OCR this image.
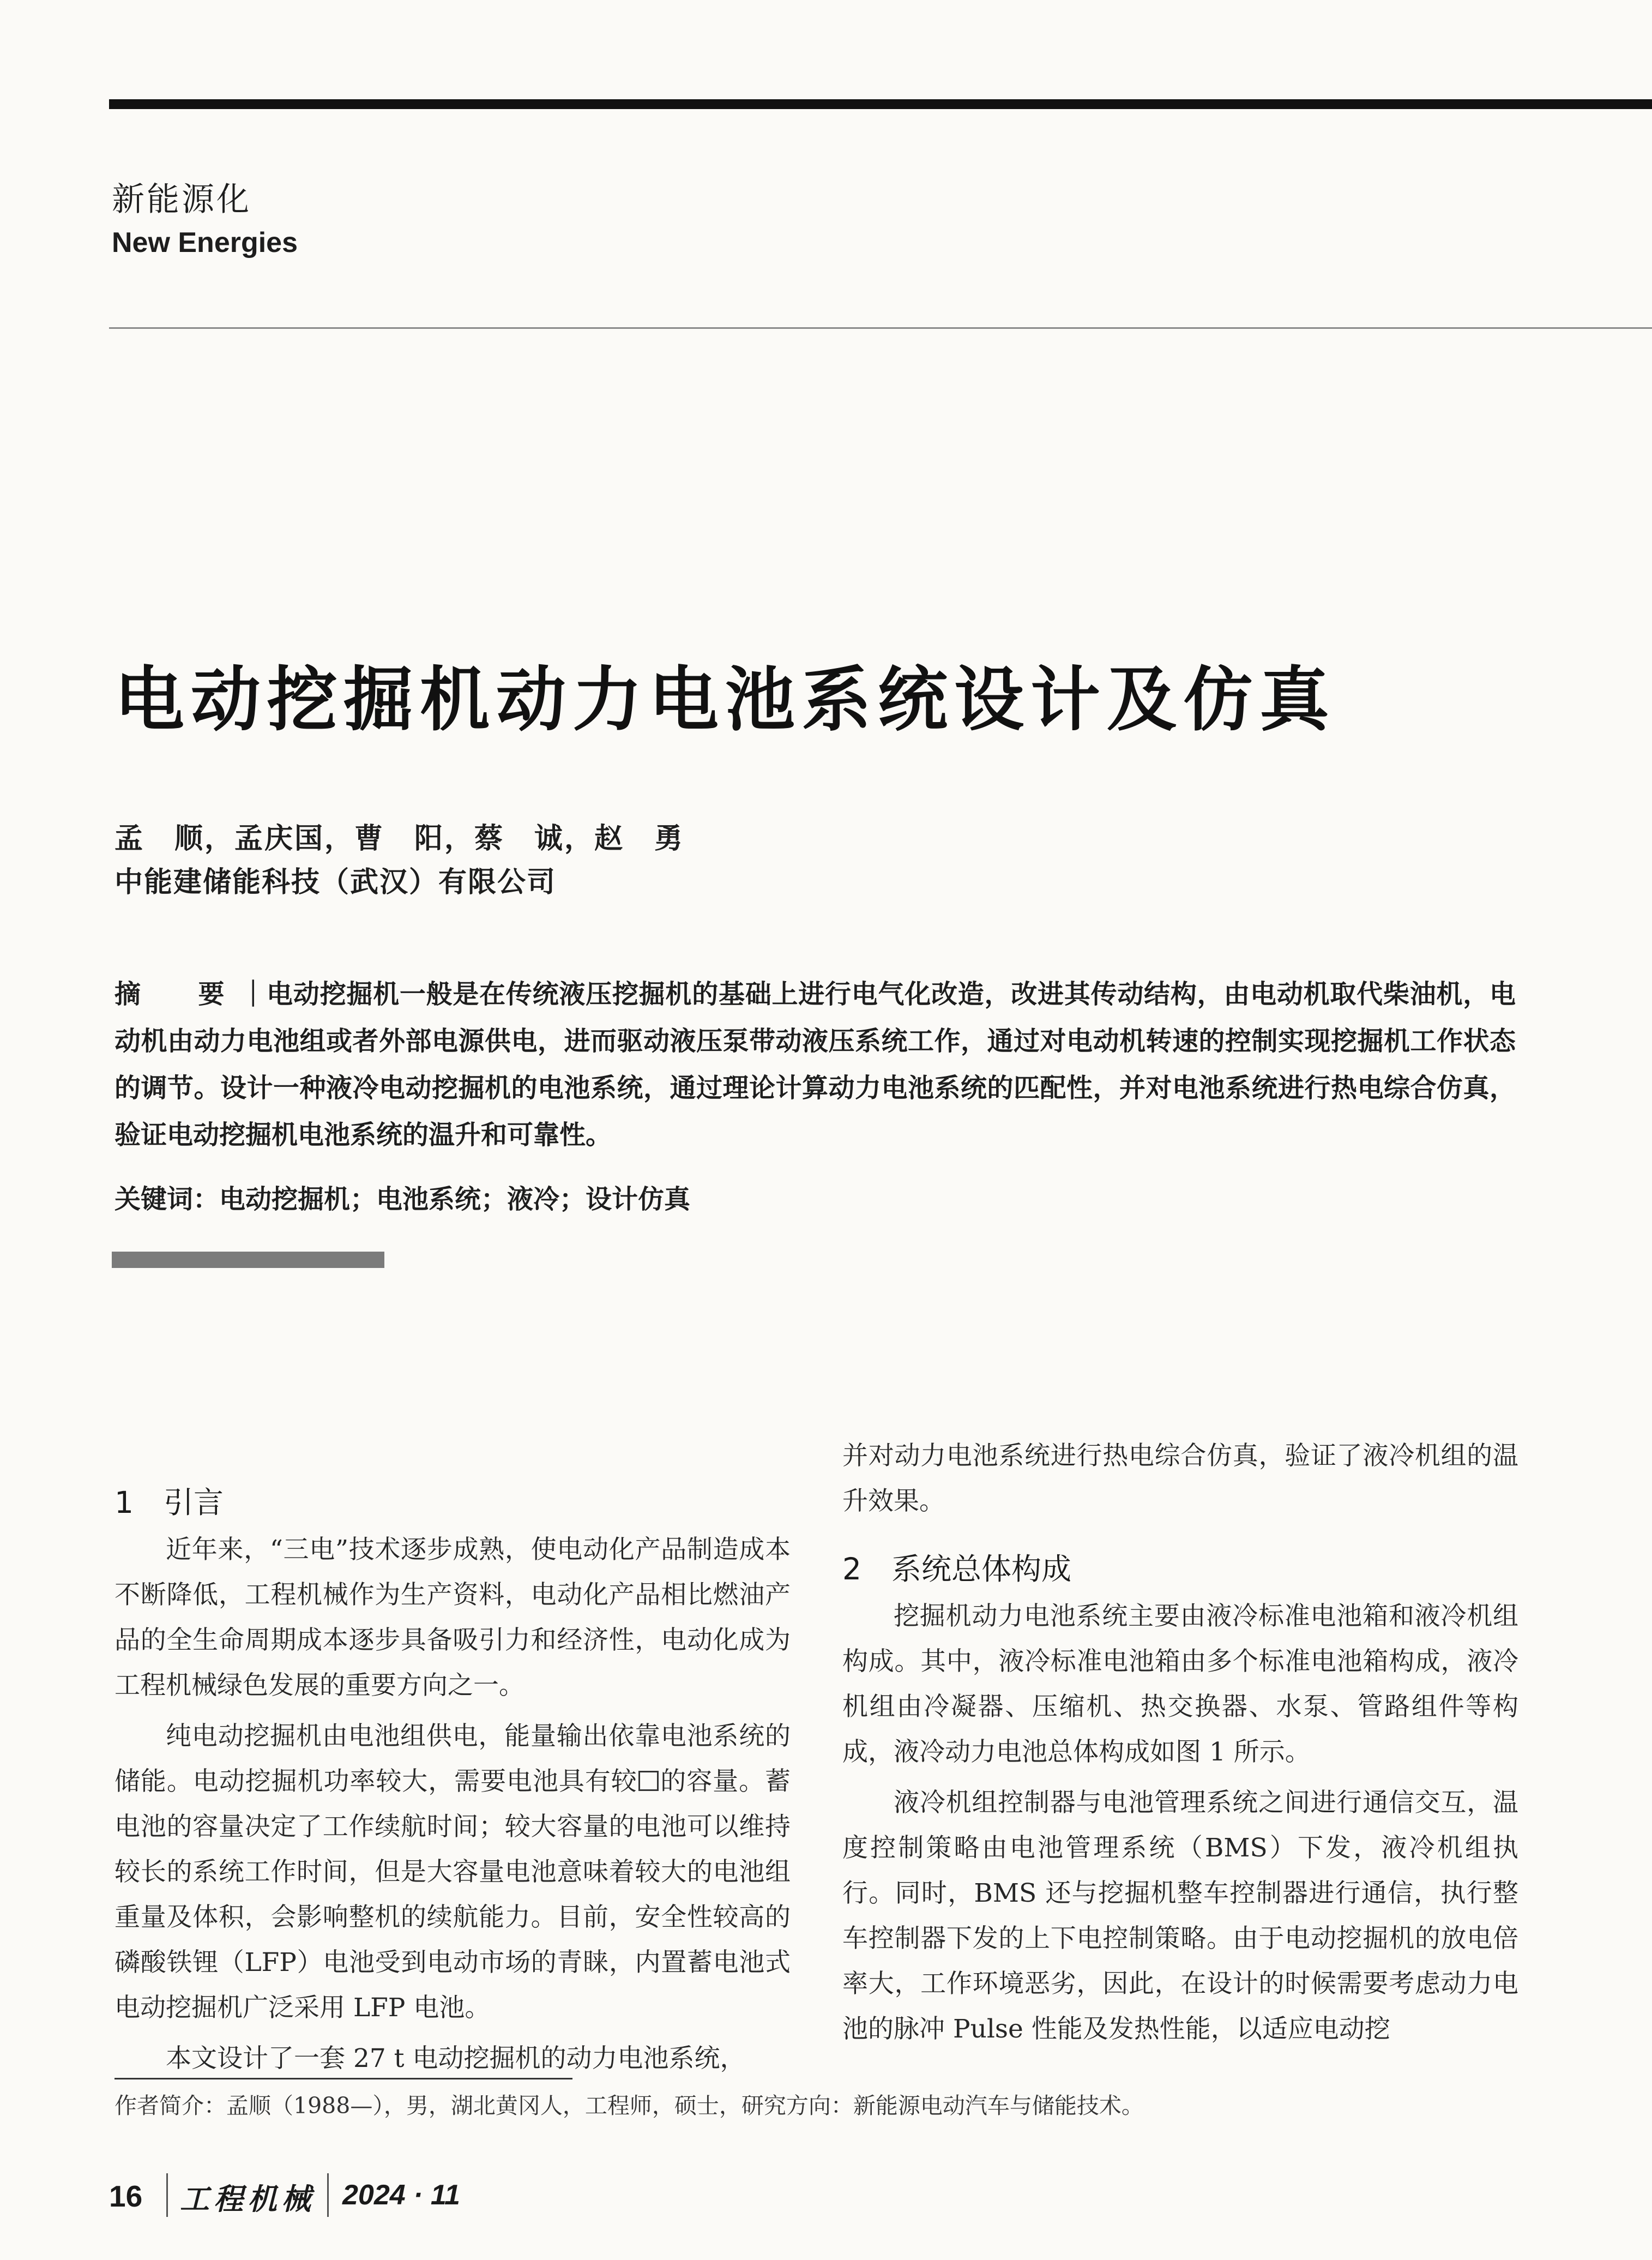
新能源化
New Energies
电动挖掘机动力电池系统设计及仿真
孟　顺，孟庆国，曹　阳，蔡　诚，赵　勇
中能建储能科技（武汉）有限公司
摘　要｜电动挖掘机一般是在传统液压挖掘机的基础上进行电气化改造，改进其传动结构，由电动机取代柴油机，电动机由动力电池组或者外部电源供电，进而驱动液压泵带动液压系统工作，通过对电动机转速的控制实现挖掘机工作状态的调节。设计一种液冷电动挖掘机的电池系统，通过理论计算动力电池系统的匹配性，并对电池系统进行热电综合仿真，验证电动挖掘机电池系统的温升和可靠性。
关键词：电动挖掘机；电池系统；液冷；设计仿真
1 引言

近年来，“三电”技术逐步成熟，使电动化产品制造成本不断降低，工程机械作为生产资料，电动化产品相比燃油产品的全生命周期成本逐步具备吸引力和经济性，电动化成为工程机械绿色发展的重要方向之一。

纯电动挖掘机由电池组供电，能量输出依靠电池系统的储能。电动挖掘机功率较大，需要电池具有较 的容量。蓄电池的容量决定了工作续航时间；较大容量的电池可以维持较长的系统工作时间，但是大容量电池意味着较大的电池组重量及体积，会影响整机的续航能力。目前，安全性较高的磷酸铁锂（LFP）电池受到电动市场的青睐，内置蓄电池式电动挖掘机广泛采用 LFP 电池。

本文设计了一套 27 t 电动挖掘机的动力电池系统，

并对动力电池系统进行热电综合仿真，验证了液冷机组的温升效果。

2 系统总体构成

挖掘机动力电池系统主要由液冷标准电池箱和液冷机组构成。其中，液冷标准电池箱由多个标准电池箱构成，液冷机组由冷凝器、压缩机、热交换器、水泵、管路组件等构成，液冷动力电池总体构成如图 1 所示。

液冷机组控制器与电池管理系统之间进行通信交互，温度控制策略由电池管理系统（BMS）下发，液冷机组执行。同时，BMS 还与挖掘机整车控制器进行通信，执行整车控制器下发的上下电控制策略。由于电动挖掘机的放电倍率大，工作环境恶劣，因此，在设计的时候需要考虑动力电池的脉冲 Pulse 性能及发热性能，以适应电动挖

作者简介：孟顺（1988—），男，湖北黄冈人，工程师，硕士，研究方向：新能源电动汽车与储能技术。
16 工程机械 2024 · 11
